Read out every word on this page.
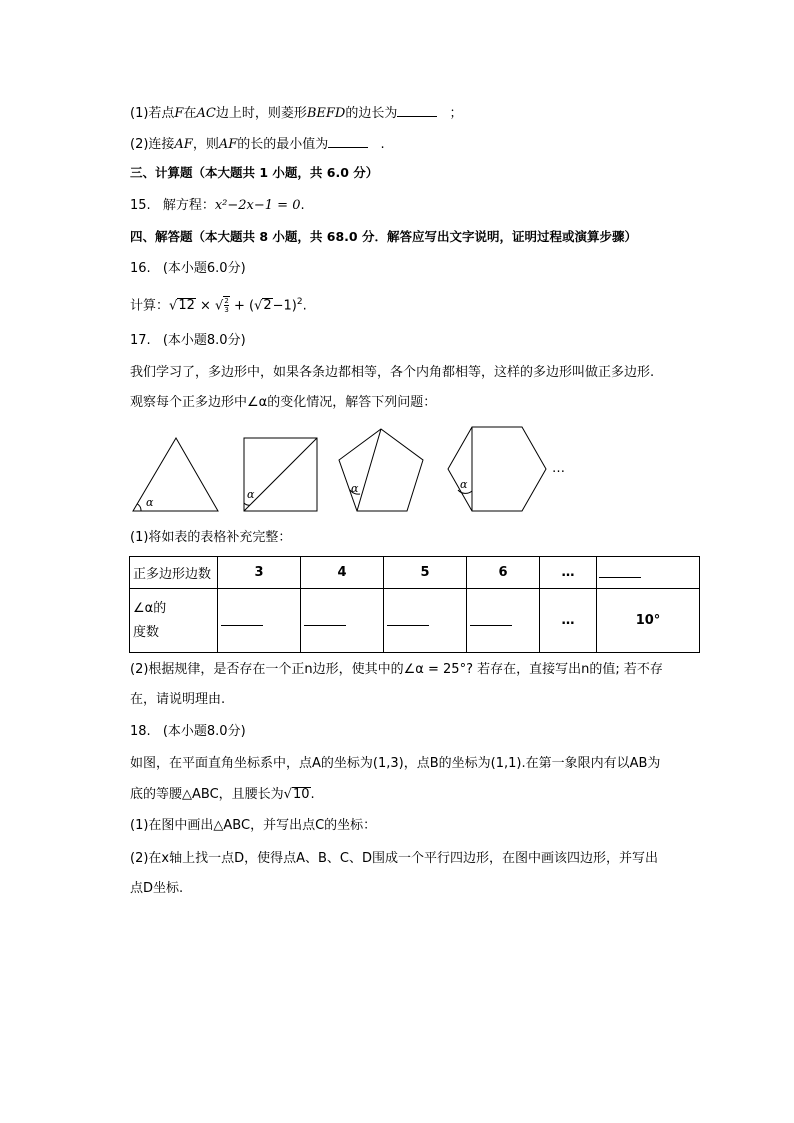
(1)若点F在AC边上时，则菱形BEFD的边长为	；
(2)连接AF，则AF的长的最小值为	.
三、计算题（本大题共 1 小题，共 6.0 分）
15. 解方程：x²−2x−1 = 0.
四、解答题（本大题共 8 小题，共 68.0 分．解答应写出文字说明，证明过程或演算步骤）
16. (本小题6.0分)
计算：√12 × √ $\frac{2}{3} + (√2-1)^2$.
17. (本小题8.0分)
我们学习了，多边形中，如果各条边都相等，各个内角都相等，这样的多边形叫做正多边形.
观察每个正多边形中∠α的变化情况，解答下列问题：
α
α	α	α
…
(1)将如表的表格补充完整：
正多边形边数	3	4	5	6	…	
∠α的
度数					…	10°
(2)根据规律，是否存在一个正n边形，使其中的∠α = 25°? 若存在，直接写出n的值; 若不存
在，请说明理由.
18. (本小题8.0分)
如图，在平面直角坐标系中，点A的坐标为(1,3)，点B的坐标为(1,1).在第一象限内有以AB为
底的等腰△ABC，且腰长为√10.
(1)在图中画出△ABC，并写出点C的坐标：
(2)在x轴上找一点D，使得点A、B、C、D围成一个平行四边形，在图中画该四边形，并写出
点D坐标.
